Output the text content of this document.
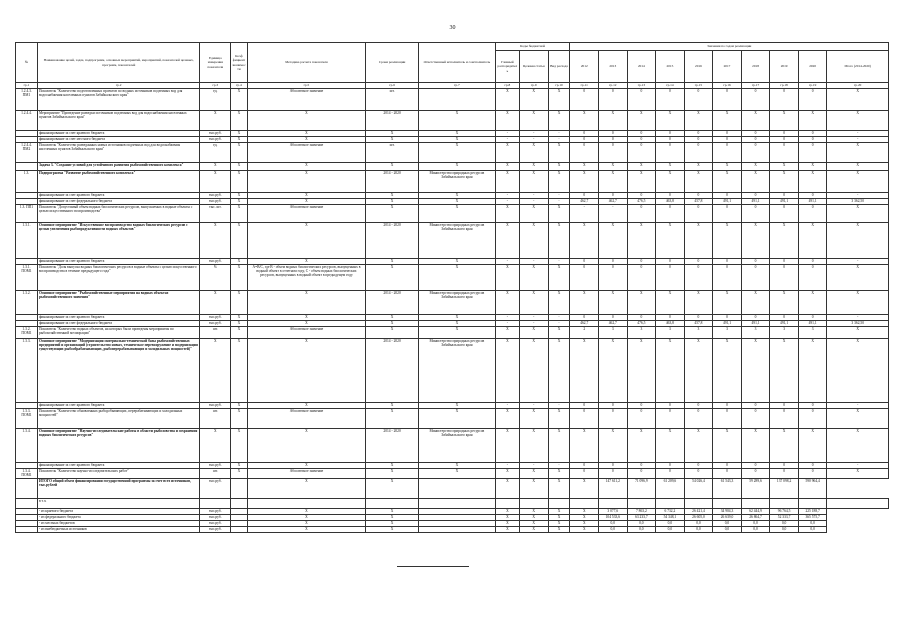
30
№	Наименование целей, задач, подпрограмм, основных мероприятий, мероприятий, показателей целевых, программ, показателей	Единица измерения показателя	Коэф фициент значимости	Методика расчета показателя	Сроки реализации	Ответственный исполнитель и соисполнитель	Коды бюджетной			Значения по годам реализации									
							Главный распорядитель	Целевая статья	Вид расхода	2012	2013	2014	2015	2016	2017	2018	2019	2020	Итого (2014-2020)
гр.1	гр.2	гр.3	гр.4	гр.5	гр.6	гр.7	гр.8	гр.9	гр.10	гр.11	гр.12	гр.13	гр.14	гр.15	гр.16	гр.17	гр.18	гр.19	гр.20
1.2.4.3. ПМ1	Показатель "Количество подготовленных проектов по водных источников подземных вод для водоснабжения населенных пунктов Забайкальского края"	ед.	X	Абсолютное значение	шт.		X	X	X	0	0	0	0	0	0	0	0	0	X
1.2.4.4.	Мероприятие "Проведение разведки источников подземных вод для водоснабжения населенных пунктов Забайкальского края"	X	X	X	2014 - 2020	X	X	X	X	X	X	X	X	X	X	X	X	X	X
	финансирование за счет краевого бюджета	тыс.руб.	X	X	X	X	-	-	-	0	0	0	0	0	0	0	0	0	-
	финансирование за счет местного бюджета	тыс.руб.	X	X	X	X	-	-	-	0	0	0	0	0	0	0	0	0	-
1.2.4.4. ПМ2	Показатель "Количество разведанных новых источников подземных вод для водоснабжения населенных пунктов Забайкальского края"	ед.	X	Абсолютное значение	шт.	X	X	X	X	0	0	0	0	0	0	0	0	0	X
	Задача 3. "Создание условий для устойчивого развития рыбохозяйственного комплекса"	X	X	X	X	X	X	X	X	X	X	X	X	X	X	X	X	X	X
1.3.	Подпрограмма "Развитие рыбохозяйственного комплекса"	X	X	X	2014 - 2020	Министерство природных ресурсов Забайкальского края	X	X	X	X	X	X	X	X	X	X	X	X	X
	финансирование за счет краевого бюджета	тыс.руб.	X	X	X	X	-	-	-	0	0	0	0	0	0	0	0	0	-
	финансирование за счет федерального бюджета	тыс.руб.	X	X	X	X	-	-	-	462,7	462,7	476,5	463,8	457,8	491,1	491,1	491,1	491,1	3 362,50
1.3. ПП1	Показатель "Допустимый объем водных биологических ресурсов, выпускаемых в водные объекты с целью искусственного воспроизводства"	тыс. шт.	X	Абсолютное значение	X	X	X	X	X	-	-	0	0	0	0	0	0	0	X
1.3.1.	Основное мероприятие "Искусственное воспроизводство водных биологических ресурсов с целью увеличения рыбопродуктивности водных объектов"	X	X	X	2014 - 2020	Министерство природных ресурсов Забайкальского края	X	X	X	X	X	X	X	X	X	X	X	X	X
	финансирование за счет краевого бюджета	тыс.руб.	X	X	X	X	-	-	-	0	0	0	0	0	0	0	0	0	-
1.3.1. ПОМ1	Показатель "Доля выпуска водных биологических ресурсов в водные объекты с целью искусственного воспроизводства в течение предыдущего года"	%	X	A=B/C, где B - объем водных биологических ресурсов, выпущенных в водный объект в отчетном году, C - объем водных биологических ресурсов, выпущенных в водный объект в предыдущем году	X	X	X	X	X	0	0	0	0	0	0	0	0	0	X
1.3.2.	Основное мероприятие "Рыбохозяйственные мероприятия на водных объектах рыбохозяйственного значения"	X	X	X	2014 - 2020	Министерство природных ресурсов Забайкальского края	X	X	X	X	X	X	X	X	X	X	X	X	X
	финансирование за счет краевого бюджета	тыс.руб.	X	X	X	X	-	-	-	0	0	0	0	0	0	0	0	0	-
	финансирование за счет федерального бюджета	тыс.руб.	X	X	X	X	-	-	-	462,7	462,7	476,5	463,8	457,8	491,1	491,1	491,1	491,1	3 362,50
1.3.2. ПОМ1	Показатель "Количество водных объектов, на которых были проведены мероприятия по рыбохозяйственной мелиорации"	шт.	X	Абсолютное значение	X	X	X	X	X	2	3	3	3	3	3	3	3	3	X
1.3.3.	Основное мероприятие "Модернизация материально-технической базы рыбохозяйственных предприятий и организаций (строительство новых, техническое перевооружение и модернизация существующих рыбообрабатывающих, рыбоперерабатывающих и холодильных мощностей)"	X	X	X	2014 - 2020	Министерство природных ресурсов Забайкальского края	X	X	X	X	X	X	X	X	X	X	X	X	X
	финансирование за счет краевого бюджета	тыс.руб.	X	X	X	X	-	-	-	0	0	0	0	0	0	0	0	0	-
1.3.3. ПОМ1	Показатель "Количество обновленных рыбодобывающих, перерабатывающих и холодильных мощностей"	шт.	X	Абсолютное значение	X	X	X	X	X	0	0	0	0	0	0	0	0	0	X
1.3.4.	Основное мероприятие "Научно-исследовательские работы в области рыболовства и сохранения водных биологических ресурсов"	X	X	X	2014 - 2020	Министерство природных ресурсов Забайкальского края	X	X	X	X	X	X	X	X	X	X	X	X	X
	финансирование за счет краевого бюджета	тыс.руб.	X	X	X	X	-	-	-	0	0	0	0	0	0	0	0	0	-
1.3.4. ПОМ1	Показатель "Количество научно-исследовательских работ"	шт.	X	Абсолютное значение	X	X	X	X	X	0	0	0	0	0	0	0	0	0	X
	ИТОГО общий объем финансирования государственной программы за счет всех источников, тыс.рублей	тыс.руб.		X	X		X	X	X	X	147 611,2	71 096,9	61 209,6	54 026,4	61 543,3	59 289,6	137 098,2	590 964,4	
	в т.ч.																		
	- из краевого бюджета	тыс.руб.		X	X		X	X	X	X	3 077,6	7 863,2	6 732,2	26 421,4	34 904,3	62 444,9	96 764,5	225 188,7	
	- из федерального бюджета	тыс.руб.		X	X		X	X	X	X	104 533,6	63 233,7	54 348,1	26 605,0	26 639,0	26 864,7	52 333,7	365 575,7	
	- из местных бюджетов	тыс.руб.		X	X		X	X	X	X	0,0	0,0	0,0	0,0	0,0	0,0	0,0	0,0	
	- из внебюджетных источников	тыс.руб.		X	X		X	X	X	X	0,0	0,0	0,0	0,0	0,0	0,0	0,0	0,0	
